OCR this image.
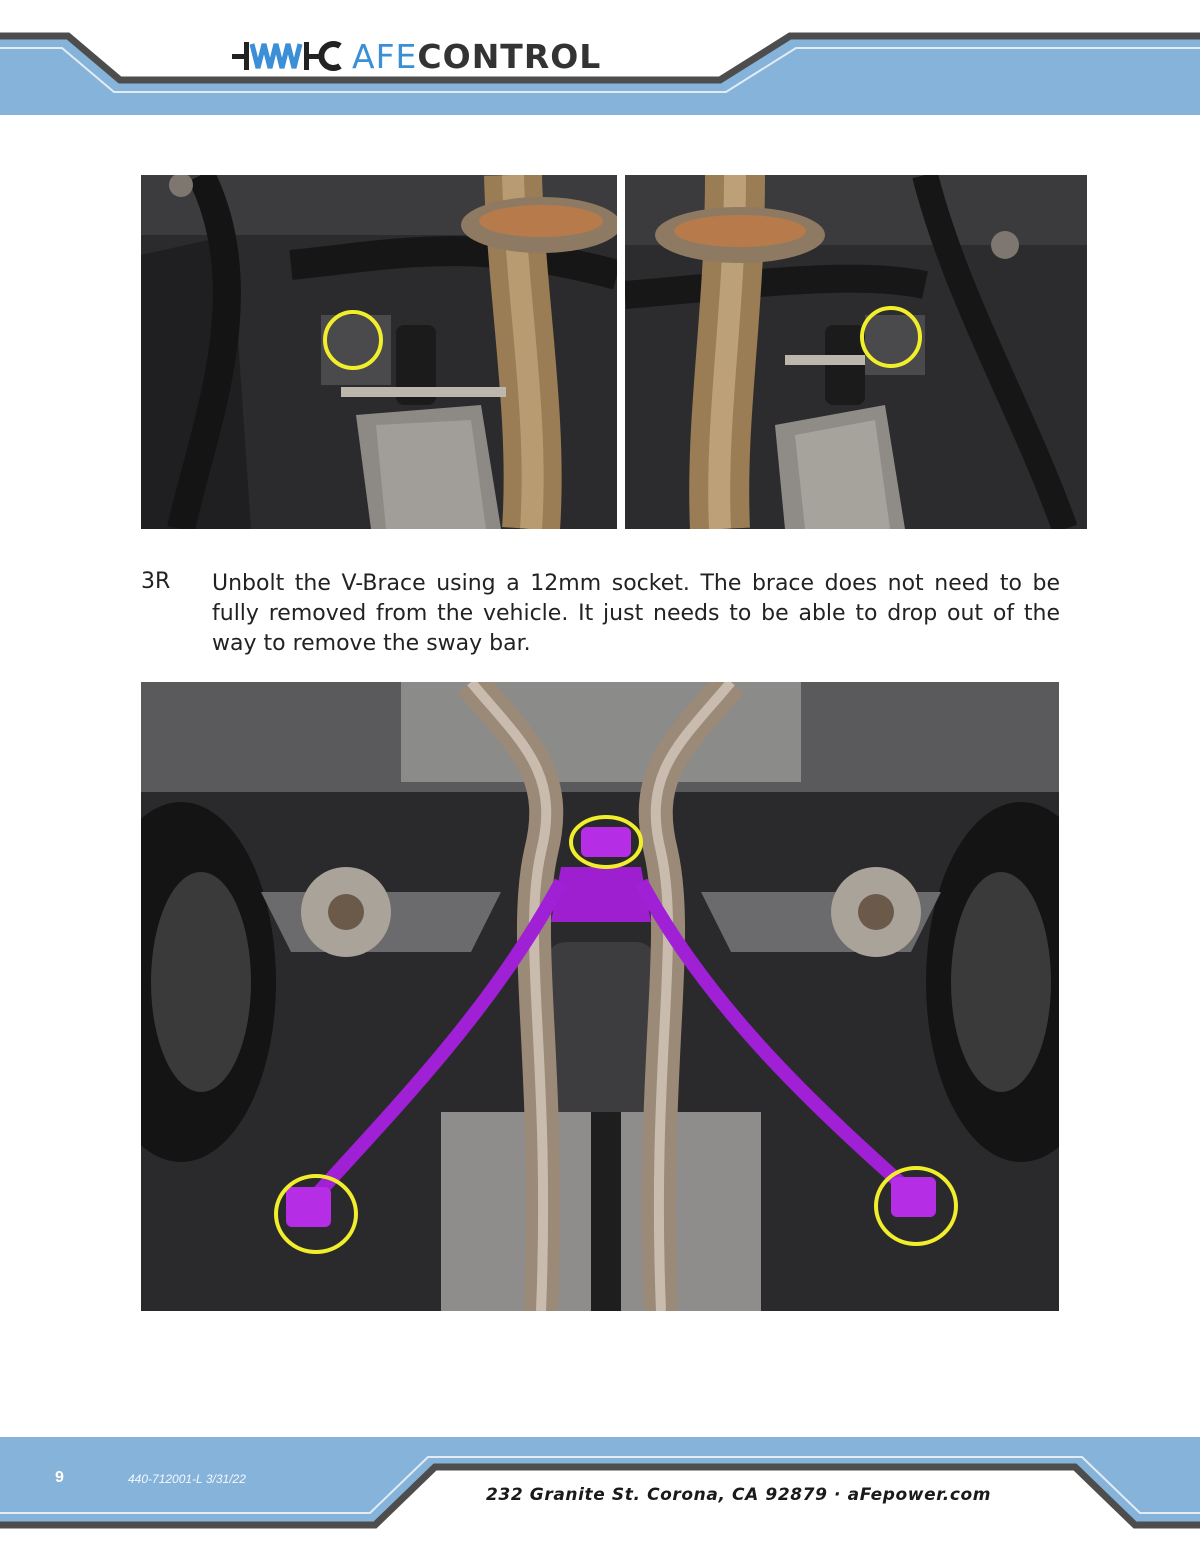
AFECONTROL
3R Unbolt the V-Brace using a 12mm socket. The brace does not need to be fully removed from the vehicle. It just needs to be able to drop out of the way to remove the sway bar.

9	440-712001-L 3/31/22
232 Granite St. Corona, CA 92879 · aFepower.com
